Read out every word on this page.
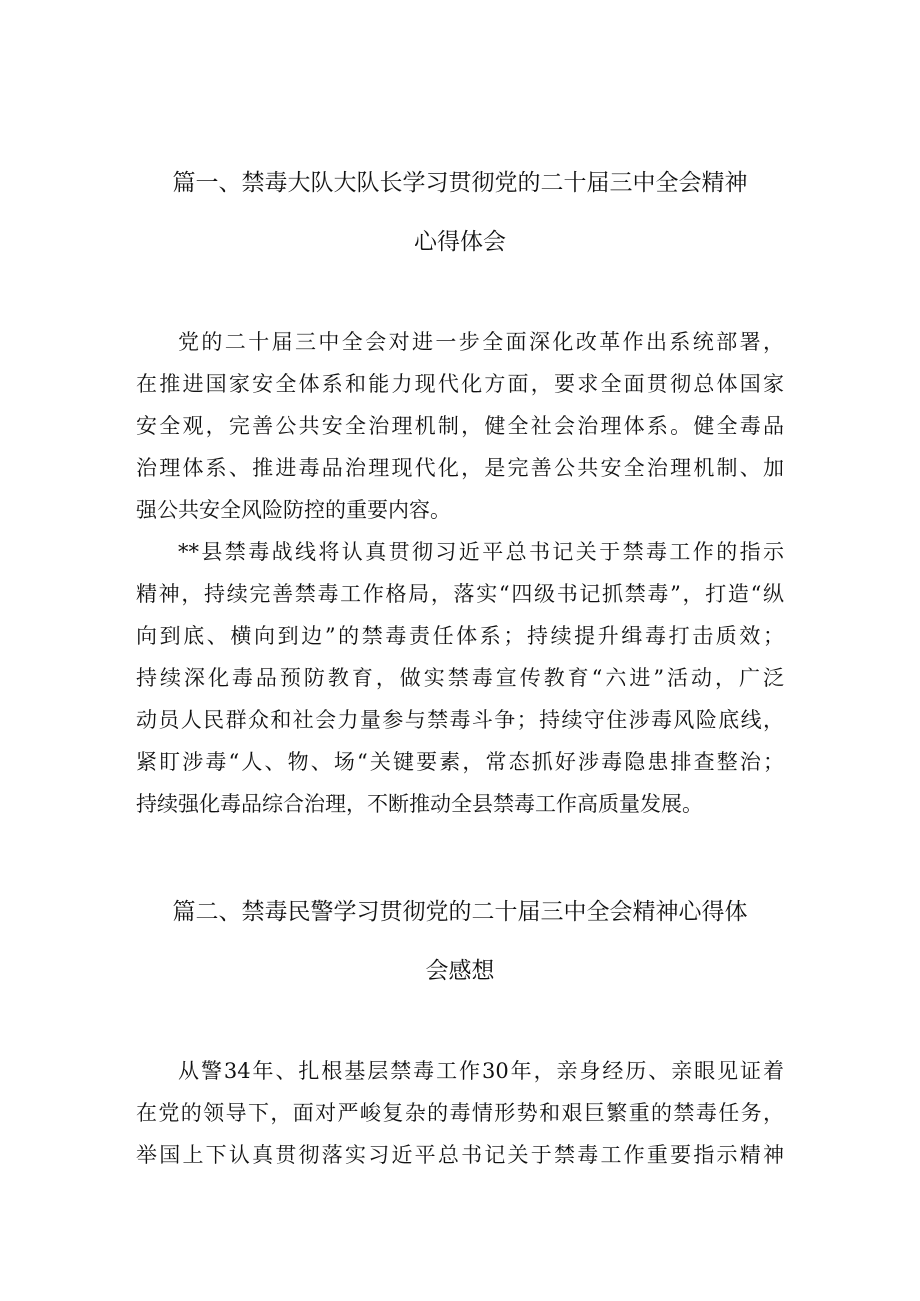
篇一、禁毒大队大队长学习贯彻党的二十届三中全会精神
心得体会
党的二十届三中全会对进一步全面深化改革作出系统部署，
在推进国家安全体系和能力现代化方面，要求全面贯彻总体国家
安全观，完善公共安全治理机制，健全社会治理体系。健全毒品
治理体系、推进毒品治理现代化，是完善公共安全治理机制、加
强公共安全风险防控的重要内容。
**县禁毒战线将认真贯彻习近平总书记关于禁毒工作的指示
精神，持续完善禁毒工作格局，落实“四级书记抓禁毒”，打造“纵
向到底、横向到边”的禁毒责任体系；持续提升缉毒打击质效；
持续深化毒品预防教育，做实禁毒宣传教育“六进”活动，广泛
动员人民群众和社会力量参与禁毒斗争；持续守住涉毒风险底线，
紧盯涉毒“人、物、场“关键要素，常态抓好涉毒隐患排查整治；
持续强化毒品综合治理，不断推动全县禁毒工作高质量发展。
篇二、禁毒民警学习贯彻党的二十届三中全会精神心得体
会感想
从警34年、扎根基层禁毒工作30年，亲身经历、亲眼见证着
在党的领导下，面对严峻复杂的毒情形势和艰巨繁重的禁毒任务，
举国上下认真贯彻落实习近平总书记关于禁毒工作重要指示精神
